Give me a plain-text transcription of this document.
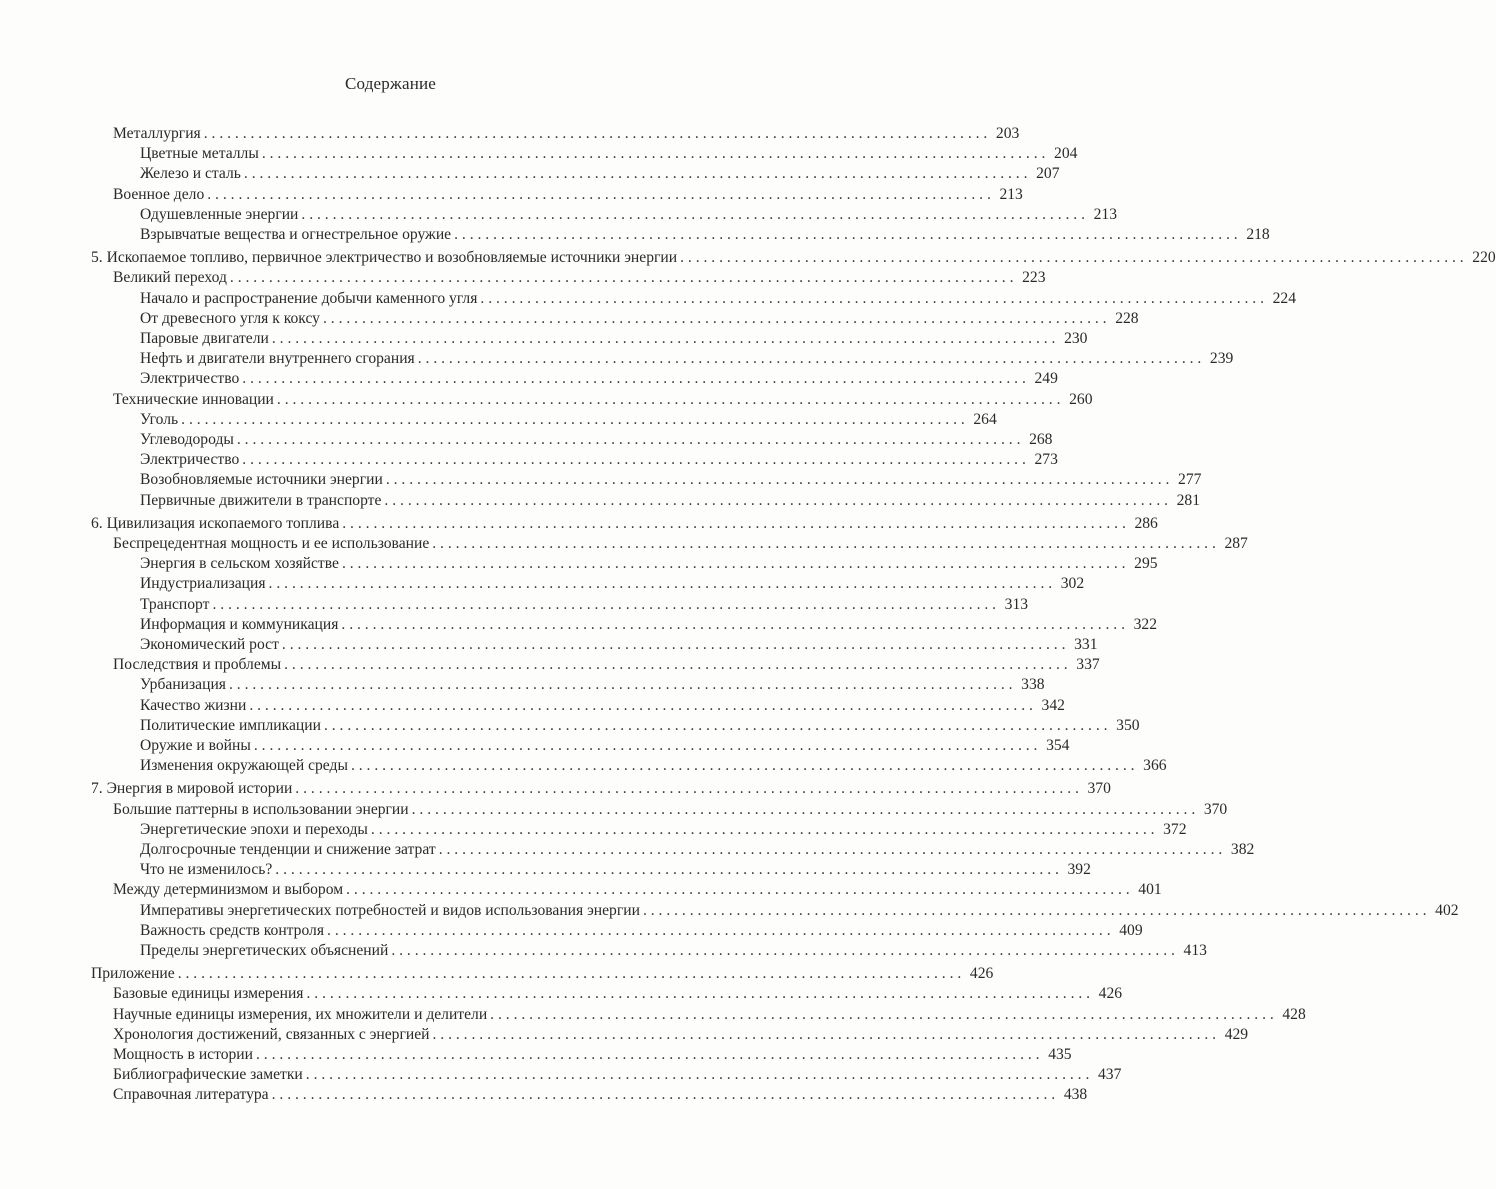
Содержание
Металлургия . . .	203
Цветные металлы . . .	204
Железо и сталь . . .	207
Военное дело . . .	213
Одушевленные энергии . . .	213
Взрывчатые вещества и огнестрельное оружие . . .	218
5. Ископаемое топливо, первичное электричество и возобновляемые источники энергии . . .	220
Великий переход . . .	223
Начало и распространение добычи каменного угля . . .	224
От древесного угля к коксу . . .	228
Паровые двигатели . . .	230
Нефть и двигатели внутреннего сгорания . . .	239
Электричество . . .	249
Технические инновации . . .	260
Уголь . . .	264
Углеводороды . . .	268
Электричество . . .	273
Возобновляемые источники энергии . . .	277
Первичные движители в транспорте . . .	281
6. Цивилизация ископаемого топлива . . .	286
Беспрецедентная мощность и ее использование . . .	287
Энергия в сельском хозяйстве . . .	295
Индустриализация . . .	302
Транспорт . . .	313
Информация и коммуникация . . .	322
Экономический рост . . .	331
Последствия и проблемы . . .	337
Урбанизация . . .	338
Качество жизни . . .	342
Политические импликации . . .	350
Оружие и войны . . .	354
Изменения окружающей среды . . .	366
7. Энергия в мировой истории . . .	370
Большие паттерны в использовании энергии . . .	370
Энергетические эпохи и переходы . . .	372
Долгосрочные тенденции и снижение затрат . . .	382
Что не изменилось? . . .	392
Между детерминизмом и выбором . . .	401
Императивы энергетических потребностей и видов использования энергии . . .	402
Важность средств контроля . . .	409
Пределы энергетических объяснений . . .	413
Приложение . . .	426
Базовые единицы измерения . . .	426
Научные единицы измерения, их множители и делители . . .	428
Хронология достижений, связанных с энергией . . .	429
Мощность в истории . . .	435
Библиографические заметки . . .	437
Справочная литература . . .	438
